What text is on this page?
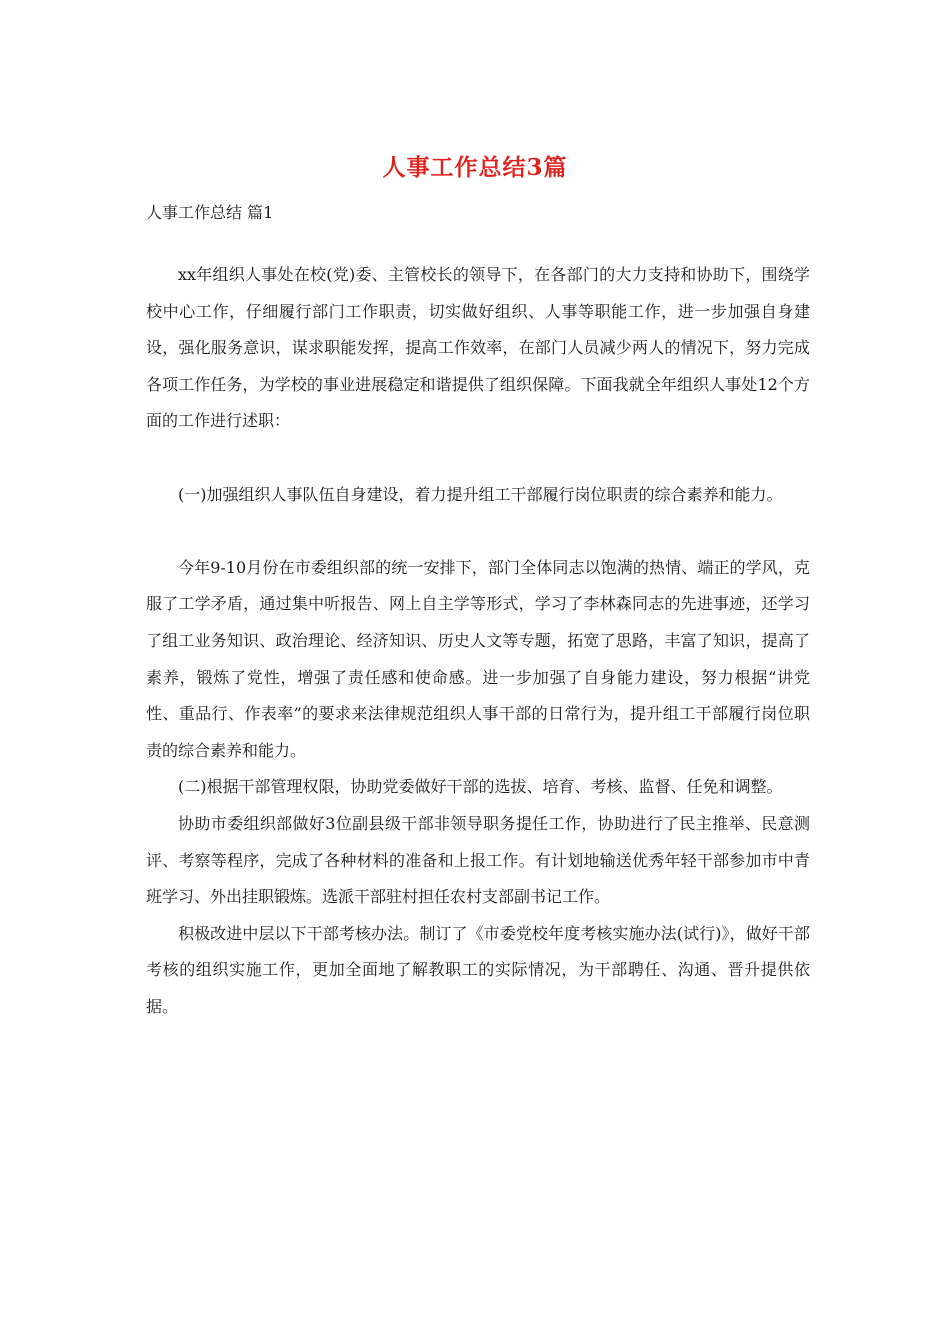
人事工作总结3篇
人事工作总结 篇1

xx年组织人事处在校(党)委、主管校长的领导下，在各部门的大力支持和协助下，围绕学校中心工作，仔细履行部门工作职责，切实做好组织、人事等职能工作，进一步加强自身建设，强化服务意识，谋求职能发挥，提高工作效率，在部门人员减少两人的情况下，努力完成各项工作任务，为学校的事业进展稳定和谐提供了组织保障。下面我就全年组织人事处12个方面的工作进行述职：

(一)加强组织人事队伍自身建设，着力提升组工干部履行岗位职责的综合素养和能力。

今年9-10月份在市委组织部的统一安排下，部门全体同志以饱满的热情、端正的学风，克服了工学矛盾，通过集中听报告、网上自主学等形式，学习了李林森同志的先进事迹，还学习了组工业务知识、政治理论、经济知识、历史人文等专题，拓宽了思路，丰富了知识，提高了素养，锻炼了党性，增强了责任感和使命感。进一步加强了自身能力建设，努力根据“讲党性、重品行、作表率”的要求来法律规范组织人事干部的日常行为，提升组工干部履行岗位职责的综合素养和能力。

(二)根据干部管理权限，协助党委做好干部的选拔、培育、考核、监督、任免和调整。

协助市委组织部做好3位副县级干部非领导职务提任工作，协助进行了民主推举、民意测评、考察等程序，完成了各种材料的准备和上报工作。有计划地输送优秀年轻干部参加市中青班学习、外出挂职锻炼。选派干部驻村担任农村支部副书记工作。

积极改进中层以下干部考核办法。制订了《市委党校年度考核实施办法(试行)》，做好干部考核的组织实施工作，更加全面地了解教职工的实际情况，为干部聘任、沟通、晋升提供依据。
